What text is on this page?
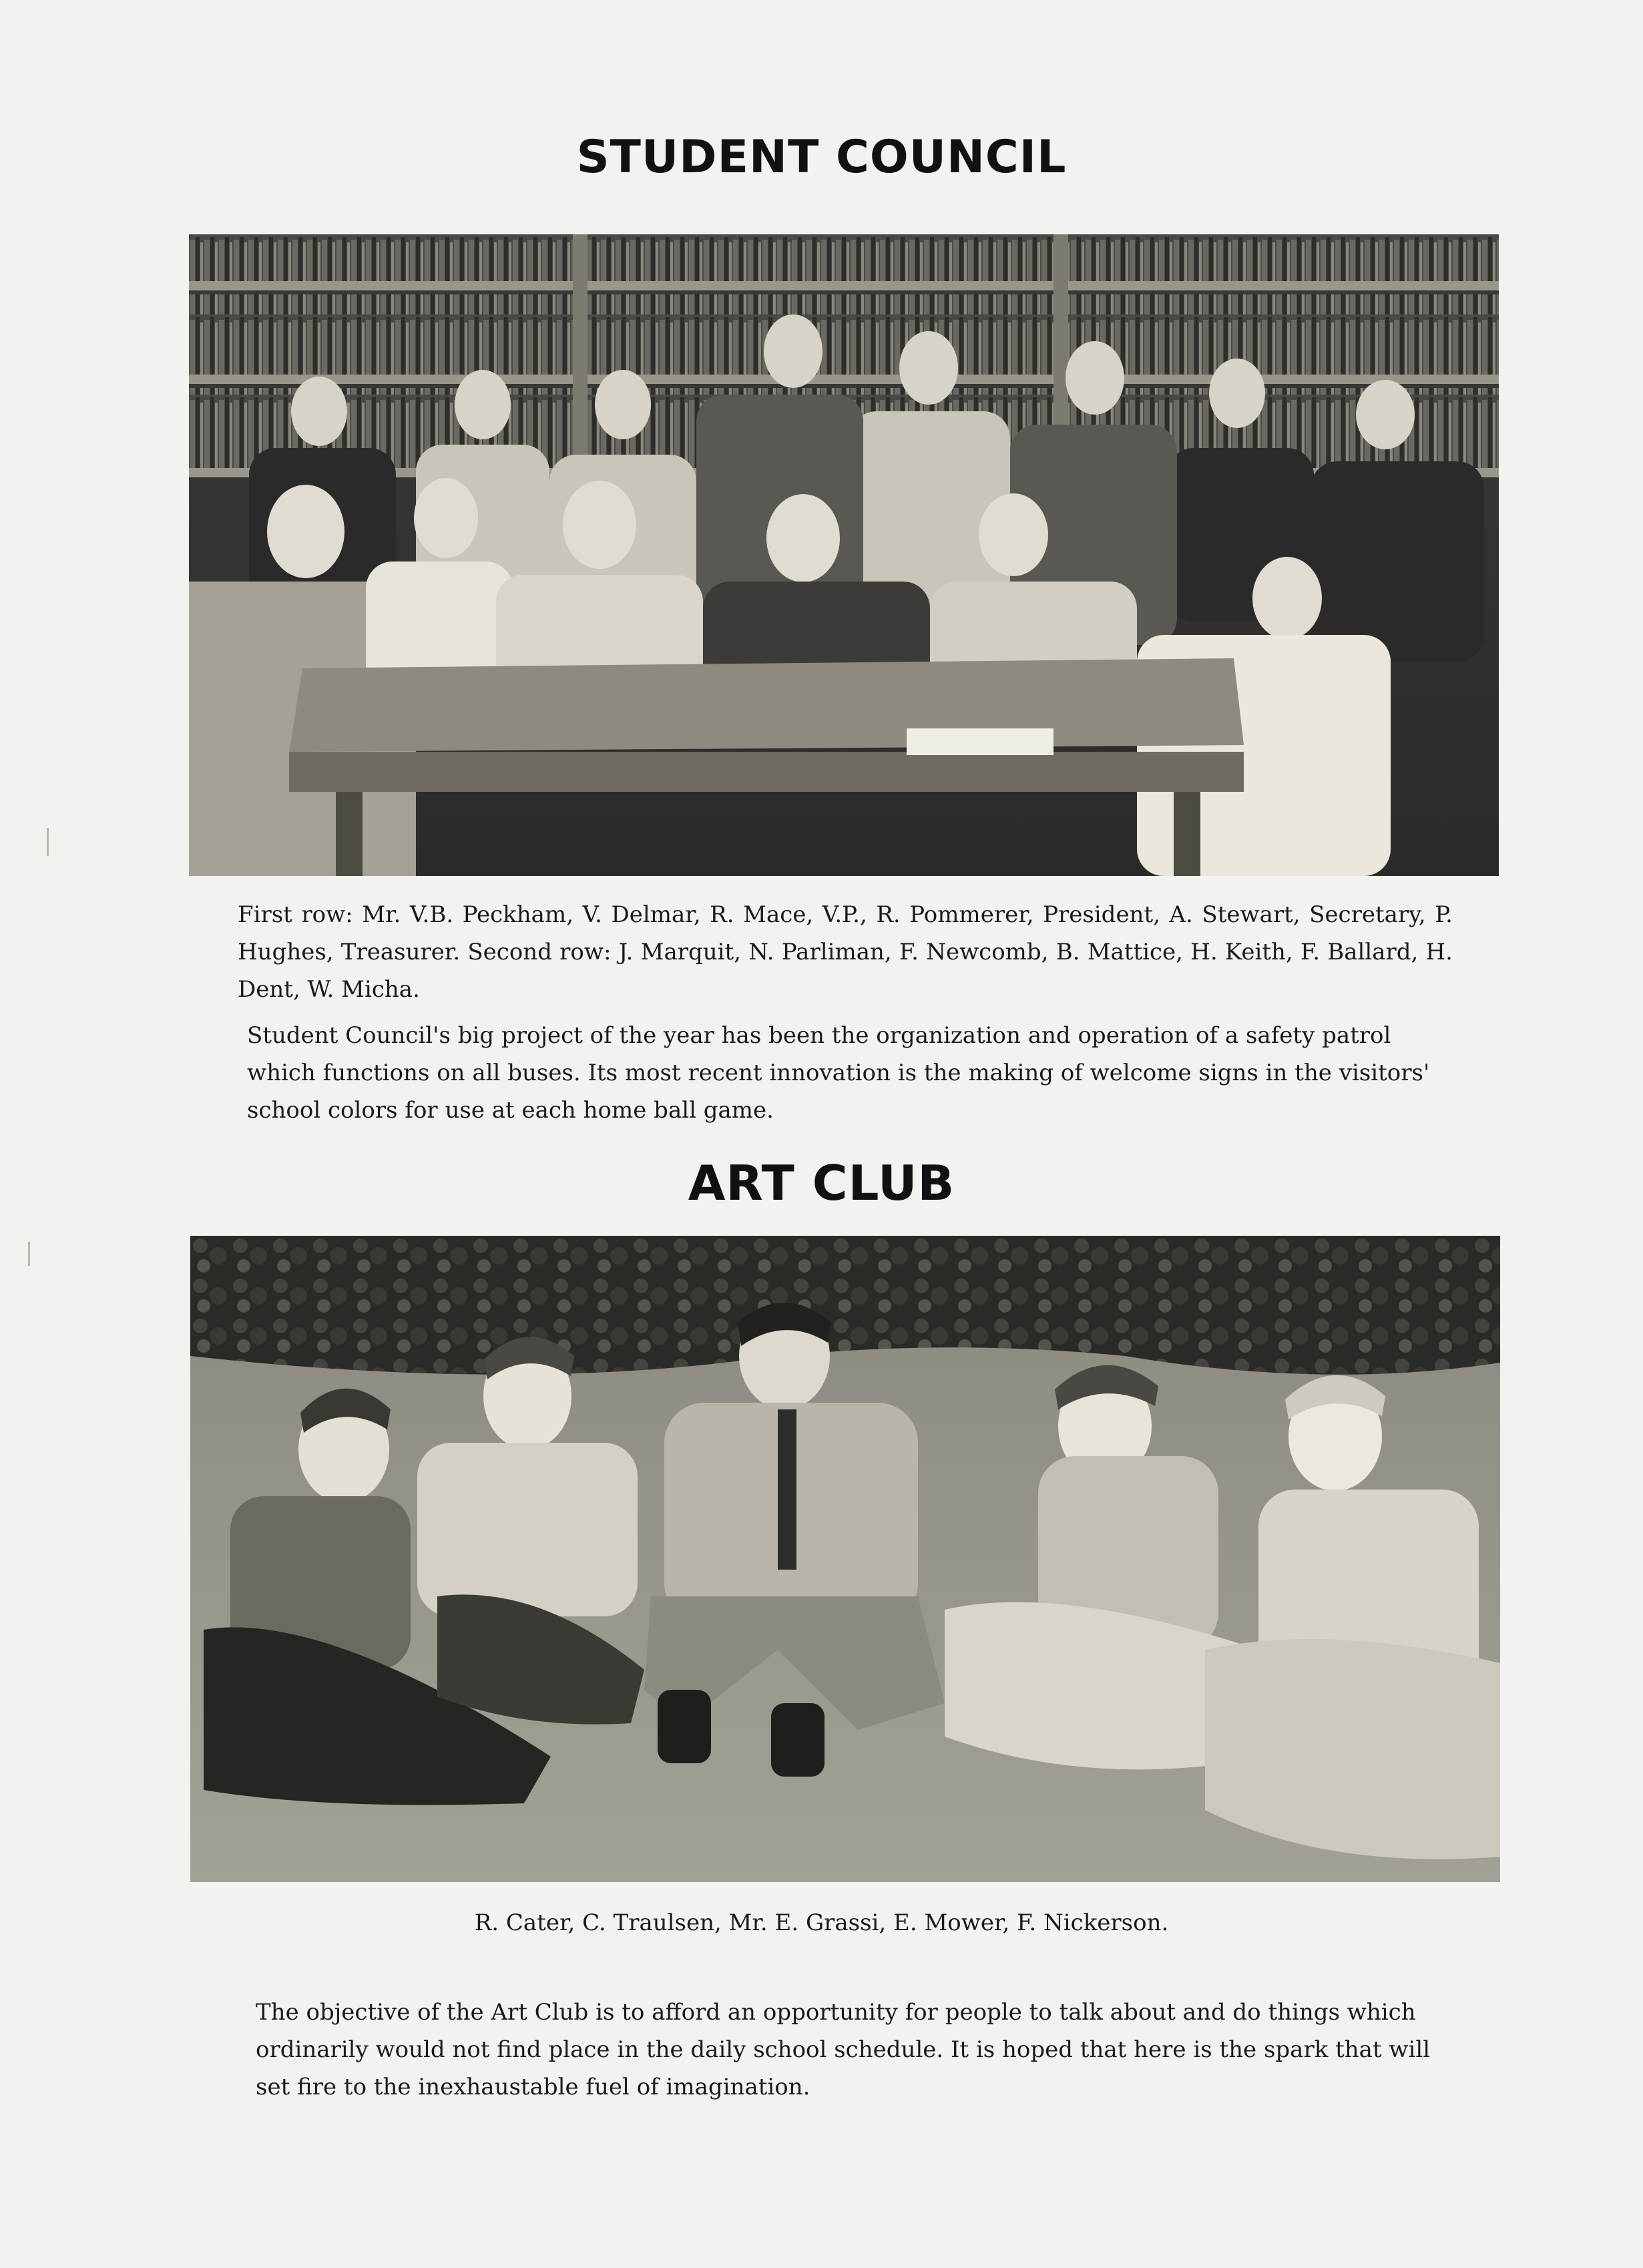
STUDENT COUNCIL
First row: Mr. V.B. Peckham, V. Delmar, R. Mace, V.P., R. Pommerer, President, A. Stewart, Secretary, P. Hughes, Treasurer. Second row: J. Marquit, N. Parliman, F. Newcomb, B. Mattice, H. Keith, F. Ballard, H. Dent, W. Micha.
Student Council's big project of the year has been the organization and operation of a safety patrol which functions on all buses. Its most recent innovation is the making of welcome signs in the visitors' school colors for use at each home ball game.
ART CLUB
R. Cater, C. Traulsen, Mr. E. Grassi, E. Mower, F. Nickerson.
The objective of the Art Club is to afford an opportunity for people to talk about and do things which ordinarily would not find place in the daily school schedule. It is hoped that here is the spark that will set fire to the inexhaustable fuel of imagination.
